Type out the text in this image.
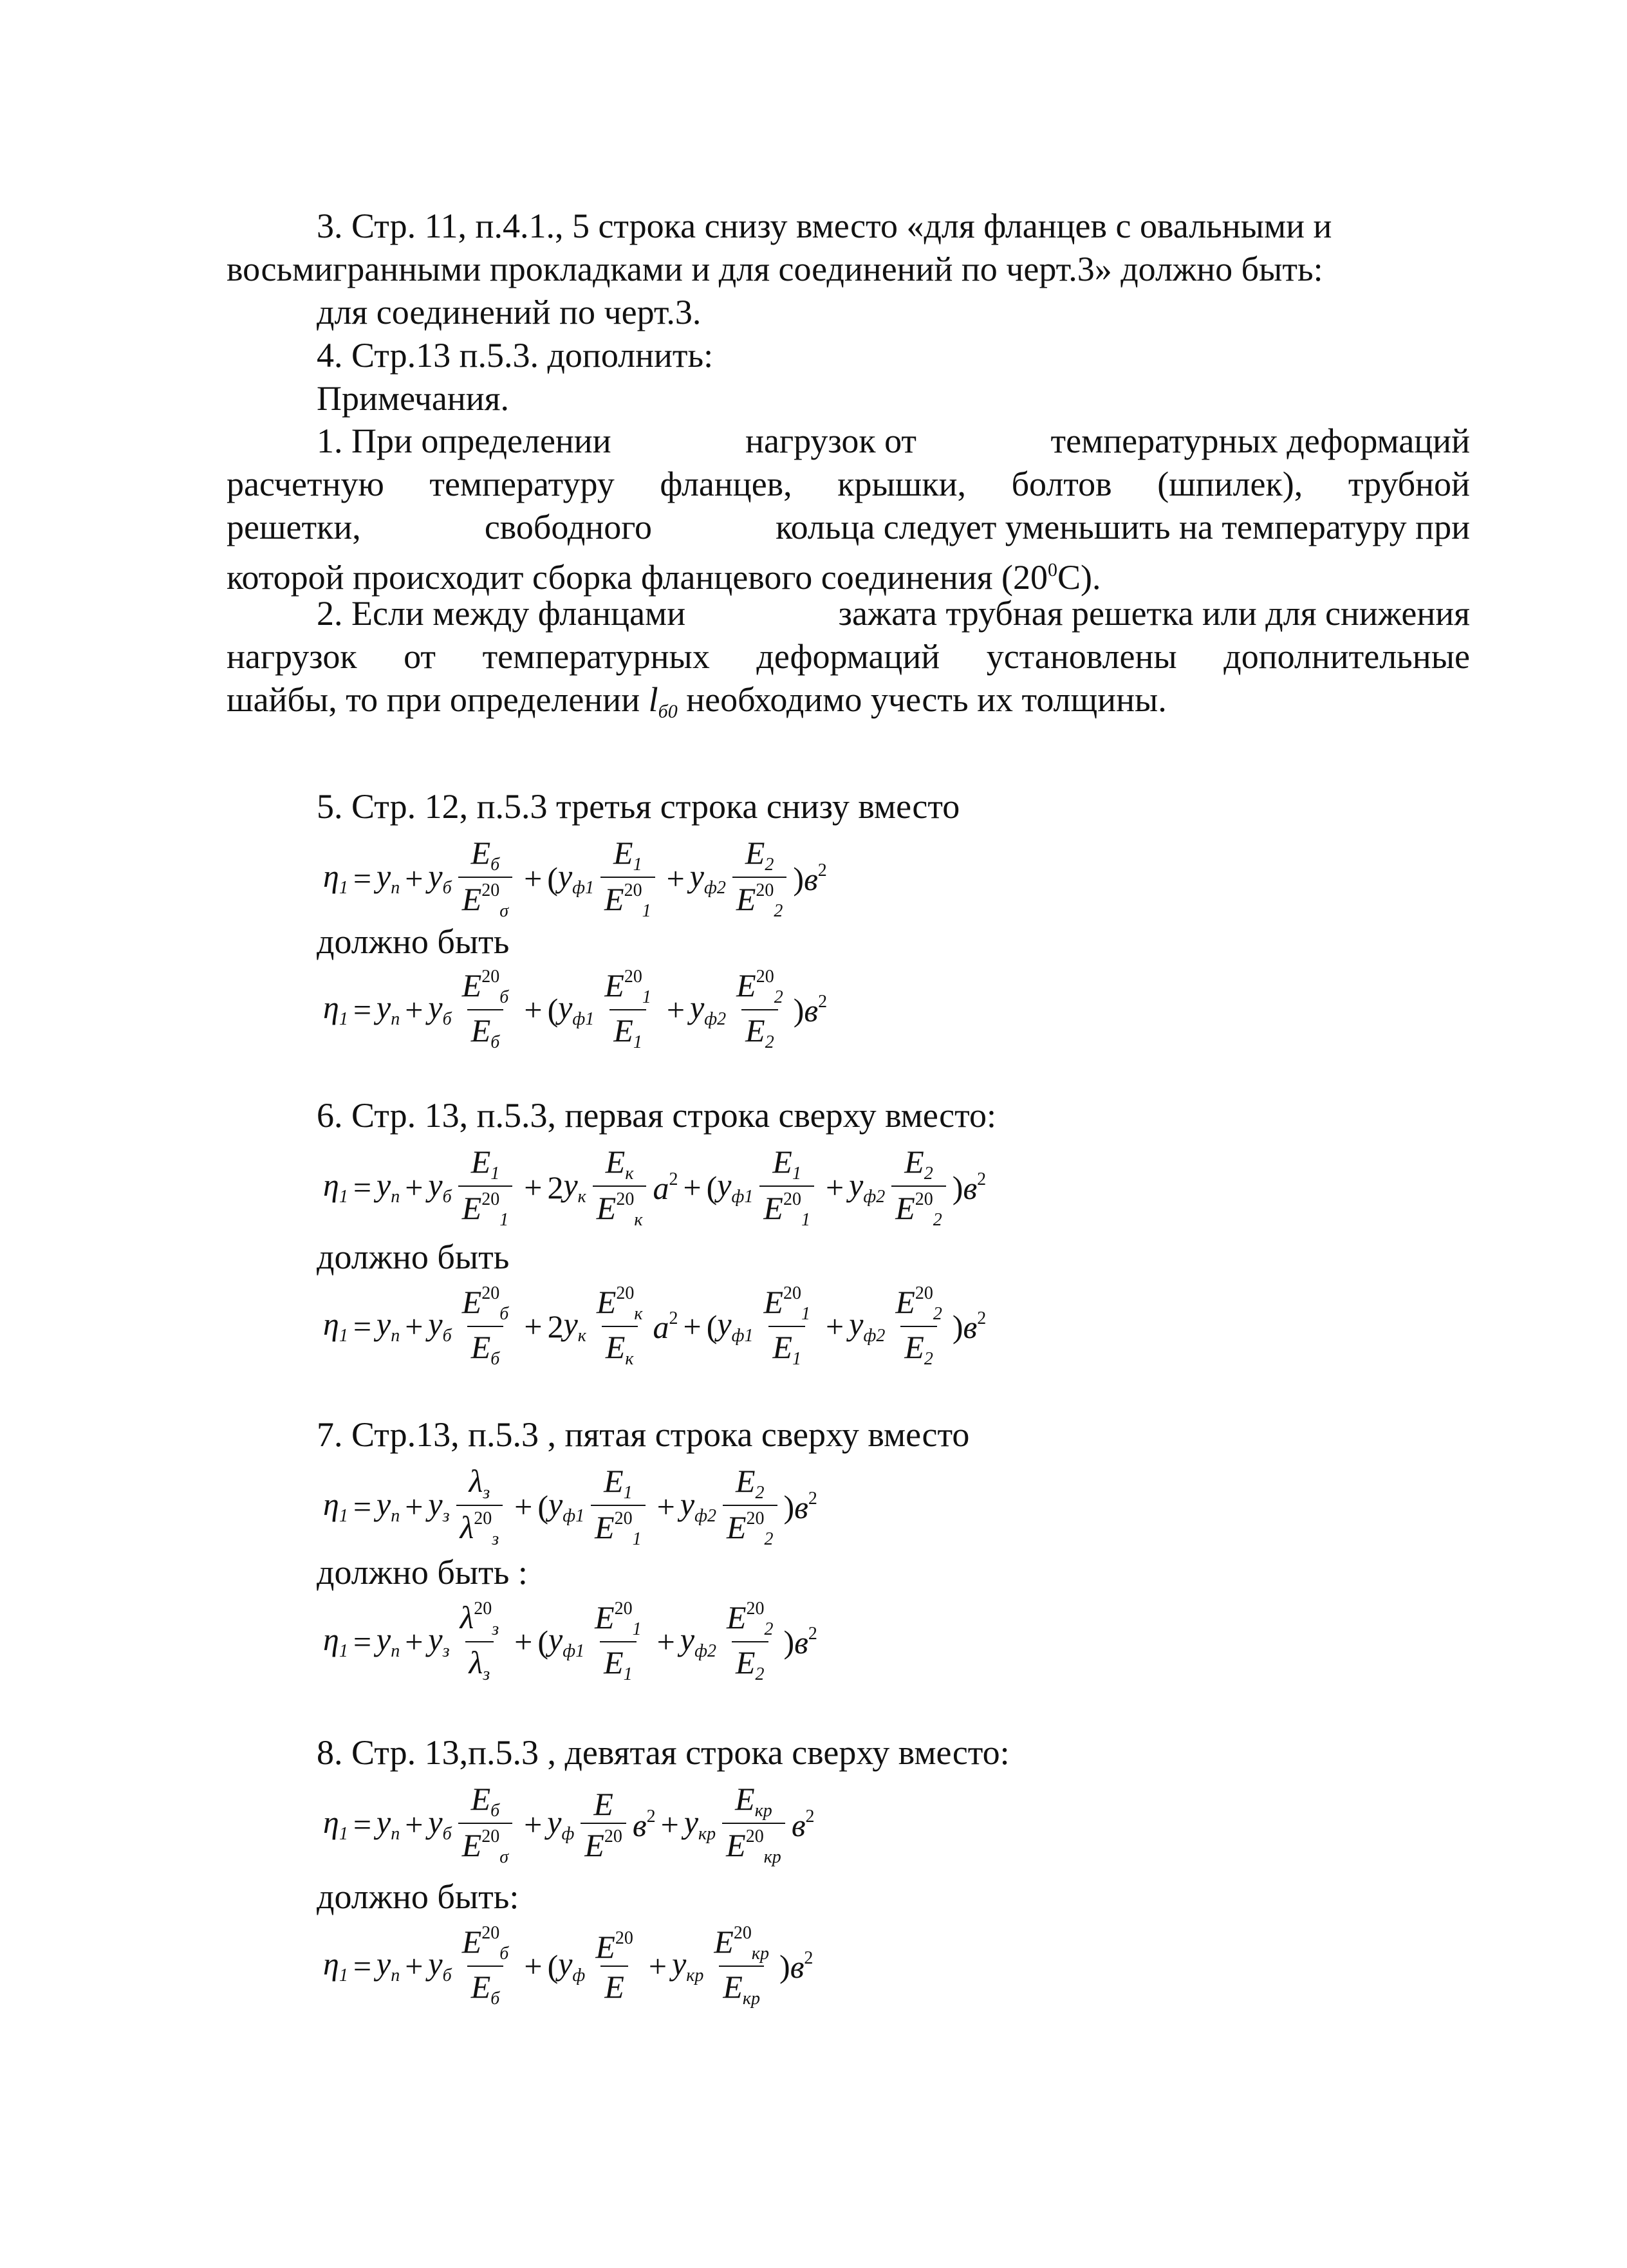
3. Стр. 11, п.4.1., 5 строка снизу вместо «для фланцев с овальными и
восьмигранными прокладками и для соединений по черт.3» должно быть:
для соединений по черт.3.
4. Стр.13 п.5.3. дополнить:
Примечания.
1. При определении	нагрузок от	температурных деформаций
расчетную температуру фланцев, крышки, болтов (шпилек), трубной
решетки,	свободного	кольца следует уменьшить на температуру при
которой происходит сборка фланцевого соединения $(20^0С)$.
2. Если между фланцами	зажата трубная решетка или для снижения
нагрузок от температурных деформаций установлены дополнительные
шайбы, то при определении $l_{б0}$ необходимо учесть их толщины.
5. Стр. 12, п.5.3 третья строка снизу вместо
$\eta_1 = у_п + у_б \frac{E_б}{E^{20}_\sigma}$ + ( $у_{ф1} \frac{E_1}{E^{20}_1} + у_{ф2} \frac{E_2}{E^{20}_2}$ ) $в^2$
должно быть
$\eta_1 = у_п + у_б \frac{E^{20}_б}{E_б}$ + ( $у_{ф1} \frac{E^{20}_1}{E_1} + у_{ф2} \frac{E^{20}_2}{E_2}$ ) $в^2$
6. Стр. 13, п.5.3, первая строка сверху вместо:
$\eta_1 = у_п + у_б \frac{E_1}{E^{20}_1} + 2$ $у_к \frac{E_к}{E^{20}_к} a^2$ + ( $у_{ф1} \frac{E_1}{E^{20}_1} + у_{ф2} \frac{E_2}{E^{20}_2}$ ) $в^2$
должно быть
$\eta_1 = у_п + у_б \frac{E^{20}_б}{E_б} + 2$ $у_к \frac{E^{20}_к}{E_к} a^2$ + ( $у_{ф1} \frac{E^{20}_1}{E_1} + у_{ф2} \frac{E^{20}_2}{E_2}$ ) $в^2$
7. Стр.13, п.5.3 , пятая строка сверху вместо
$\eta_1 = у_п + у_з \frac{\lambda_з}{\lambda^{20}_з}$ + ( $у_{ф1} \frac{E_1}{E^{20}_1} + у_{ф2} \frac{E_2}{E^{20}_2}$ ) $в^2$
должно быть :
$\eta_1 = у_п + у_з \frac{\lambda^{20}_з}{\lambda_з}$ + ( $у_{ф1} \frac{E^{20}_1}{E_1} + у_{ф2} \frac{E^{20}_2}{E_2}$ ) $в^2$
8. Стр. 13,п.5.3 , девятая строка сверху вместо:
$\eta_1 = у_п + у_б \frac{E_б}{E^{20}_\sigma} + у_ф \frac{E}{E^{20}} в^2 + у_{кр} \frac{E_{кр}}{E^{20}_{кр}} в^2$
должно быть:
$\eta_1 = у_п + у_б \frac{E^{20}_б}{E_б}$ + ( $у_ф \frac{E^{20}}{E} + у_{кр} \frac{E^{20}_{кр}}{E_{кр}}$ ) $в^2$
